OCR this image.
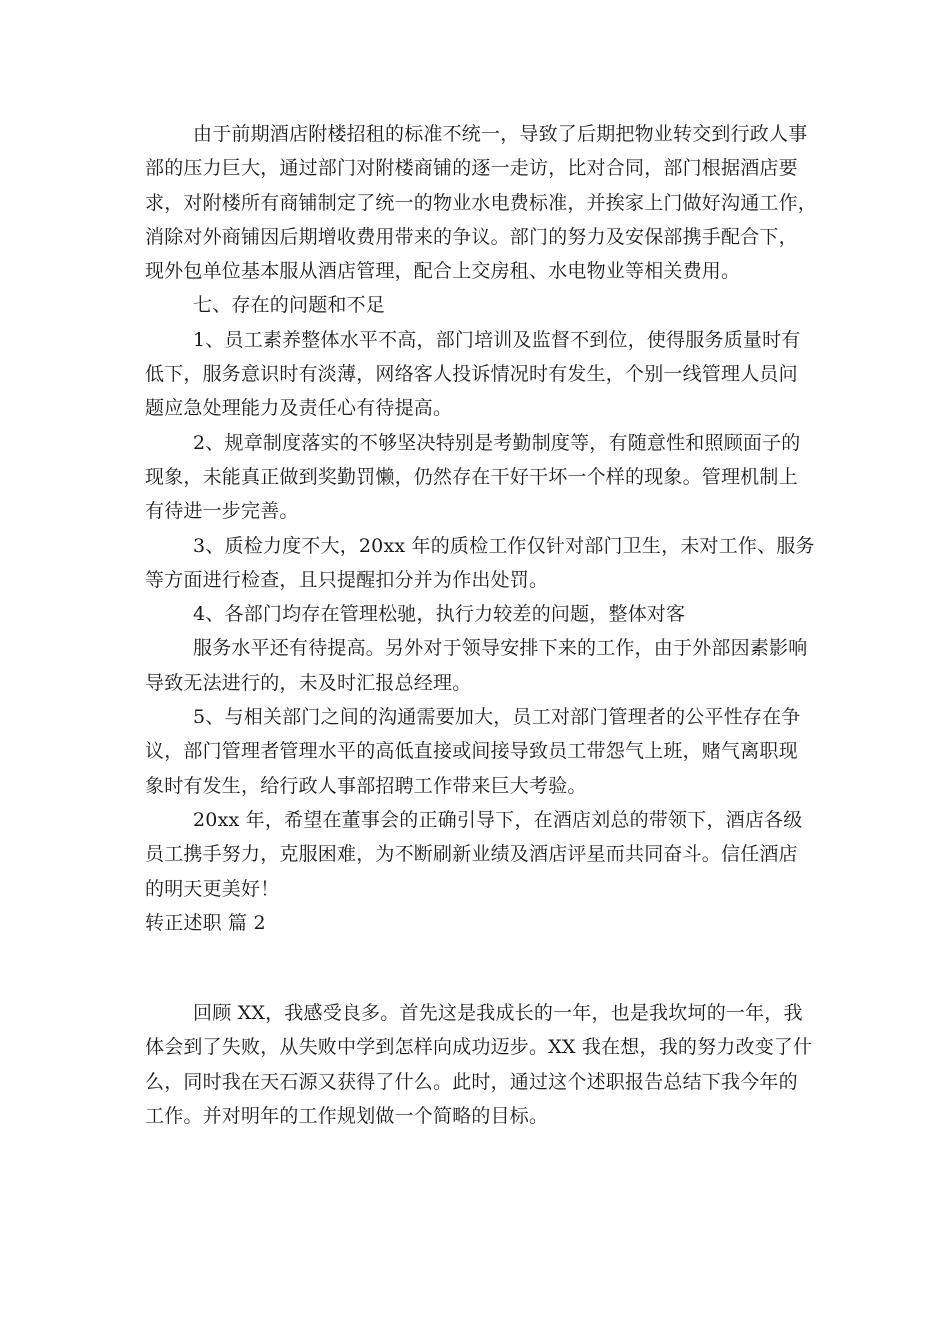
由于前期酒店附楼招租的标准不统一，导致了后期把物业转交到行政人事
部的压力巨大，通过部门对附楼商铺的逐一走访，比对合同，部门根据酒店要
求，对附楼所有商铺制定了统一的物业水电费标准，并挨家上门做好沟通工作，
消除对外商铺因后期增收费用带来的争议。部门的努力及安保部携手配合下，
现外包单位基本服从酒店管理，配合上交房租、水电物业等相关费用。
七、存在的问题和不足
1、员工素养整体水平不高，部门培训及监督不到位，使得服务质量时有
低下，服务意识时有淡薄，网络客人投诉情况时有发生，个别一线管理人员问
题应急处理能力及责任心有待提高。
2、规章制度落实的不够坚决特别是考勤制度等，有随意性和照顾面子的
现象，未能真正做到奖勤罚懒，仍然存在干好干坏一个样的现象。管理机制上
有待进一步完善。
3、质检力度不大，20xx 年的质检工作仅针对部门卫生，未对工作、服务
等方面进行检查，且只提醒扣分并为作出处罚。
4、各部门均存在管理松驰，执行力较差的问题，整体对客
服务水平还有待提高。另外对于领导安排下来的工作，由于外部因素影响
导致无法进行的，未及时汇报总经理。
5、与相关部门之间的沟通需要加大，员工对部门管理者的公平性存在争
议，部门管理者管理水平的高低直接或间接导致员工带怨气上班，赌气离职现
象时有发生，给行政人事部招聘工作带来巨大考验。
20xx 年，希望在董事会的正确引导下，在酒店刘总的带领下，酒店各级
员工携手努力，克服困难，为不断刷新业绩及酒店评星而共同奋斗。信任酒店
的明天更美好！
转正述职 篇 2
回顾 XX，我感受良多。首先这是我成长的一年，也是我坎坷的一年，我
体会到了失败，从失败中学到怎样向成功迈步。XX 我在想，我的努力改变了什
么，同时我在天石源又获得了什么。此时，通过这个述职报告总结下我今年的
工作。并对明年的工作规划做一个简略的目标。
